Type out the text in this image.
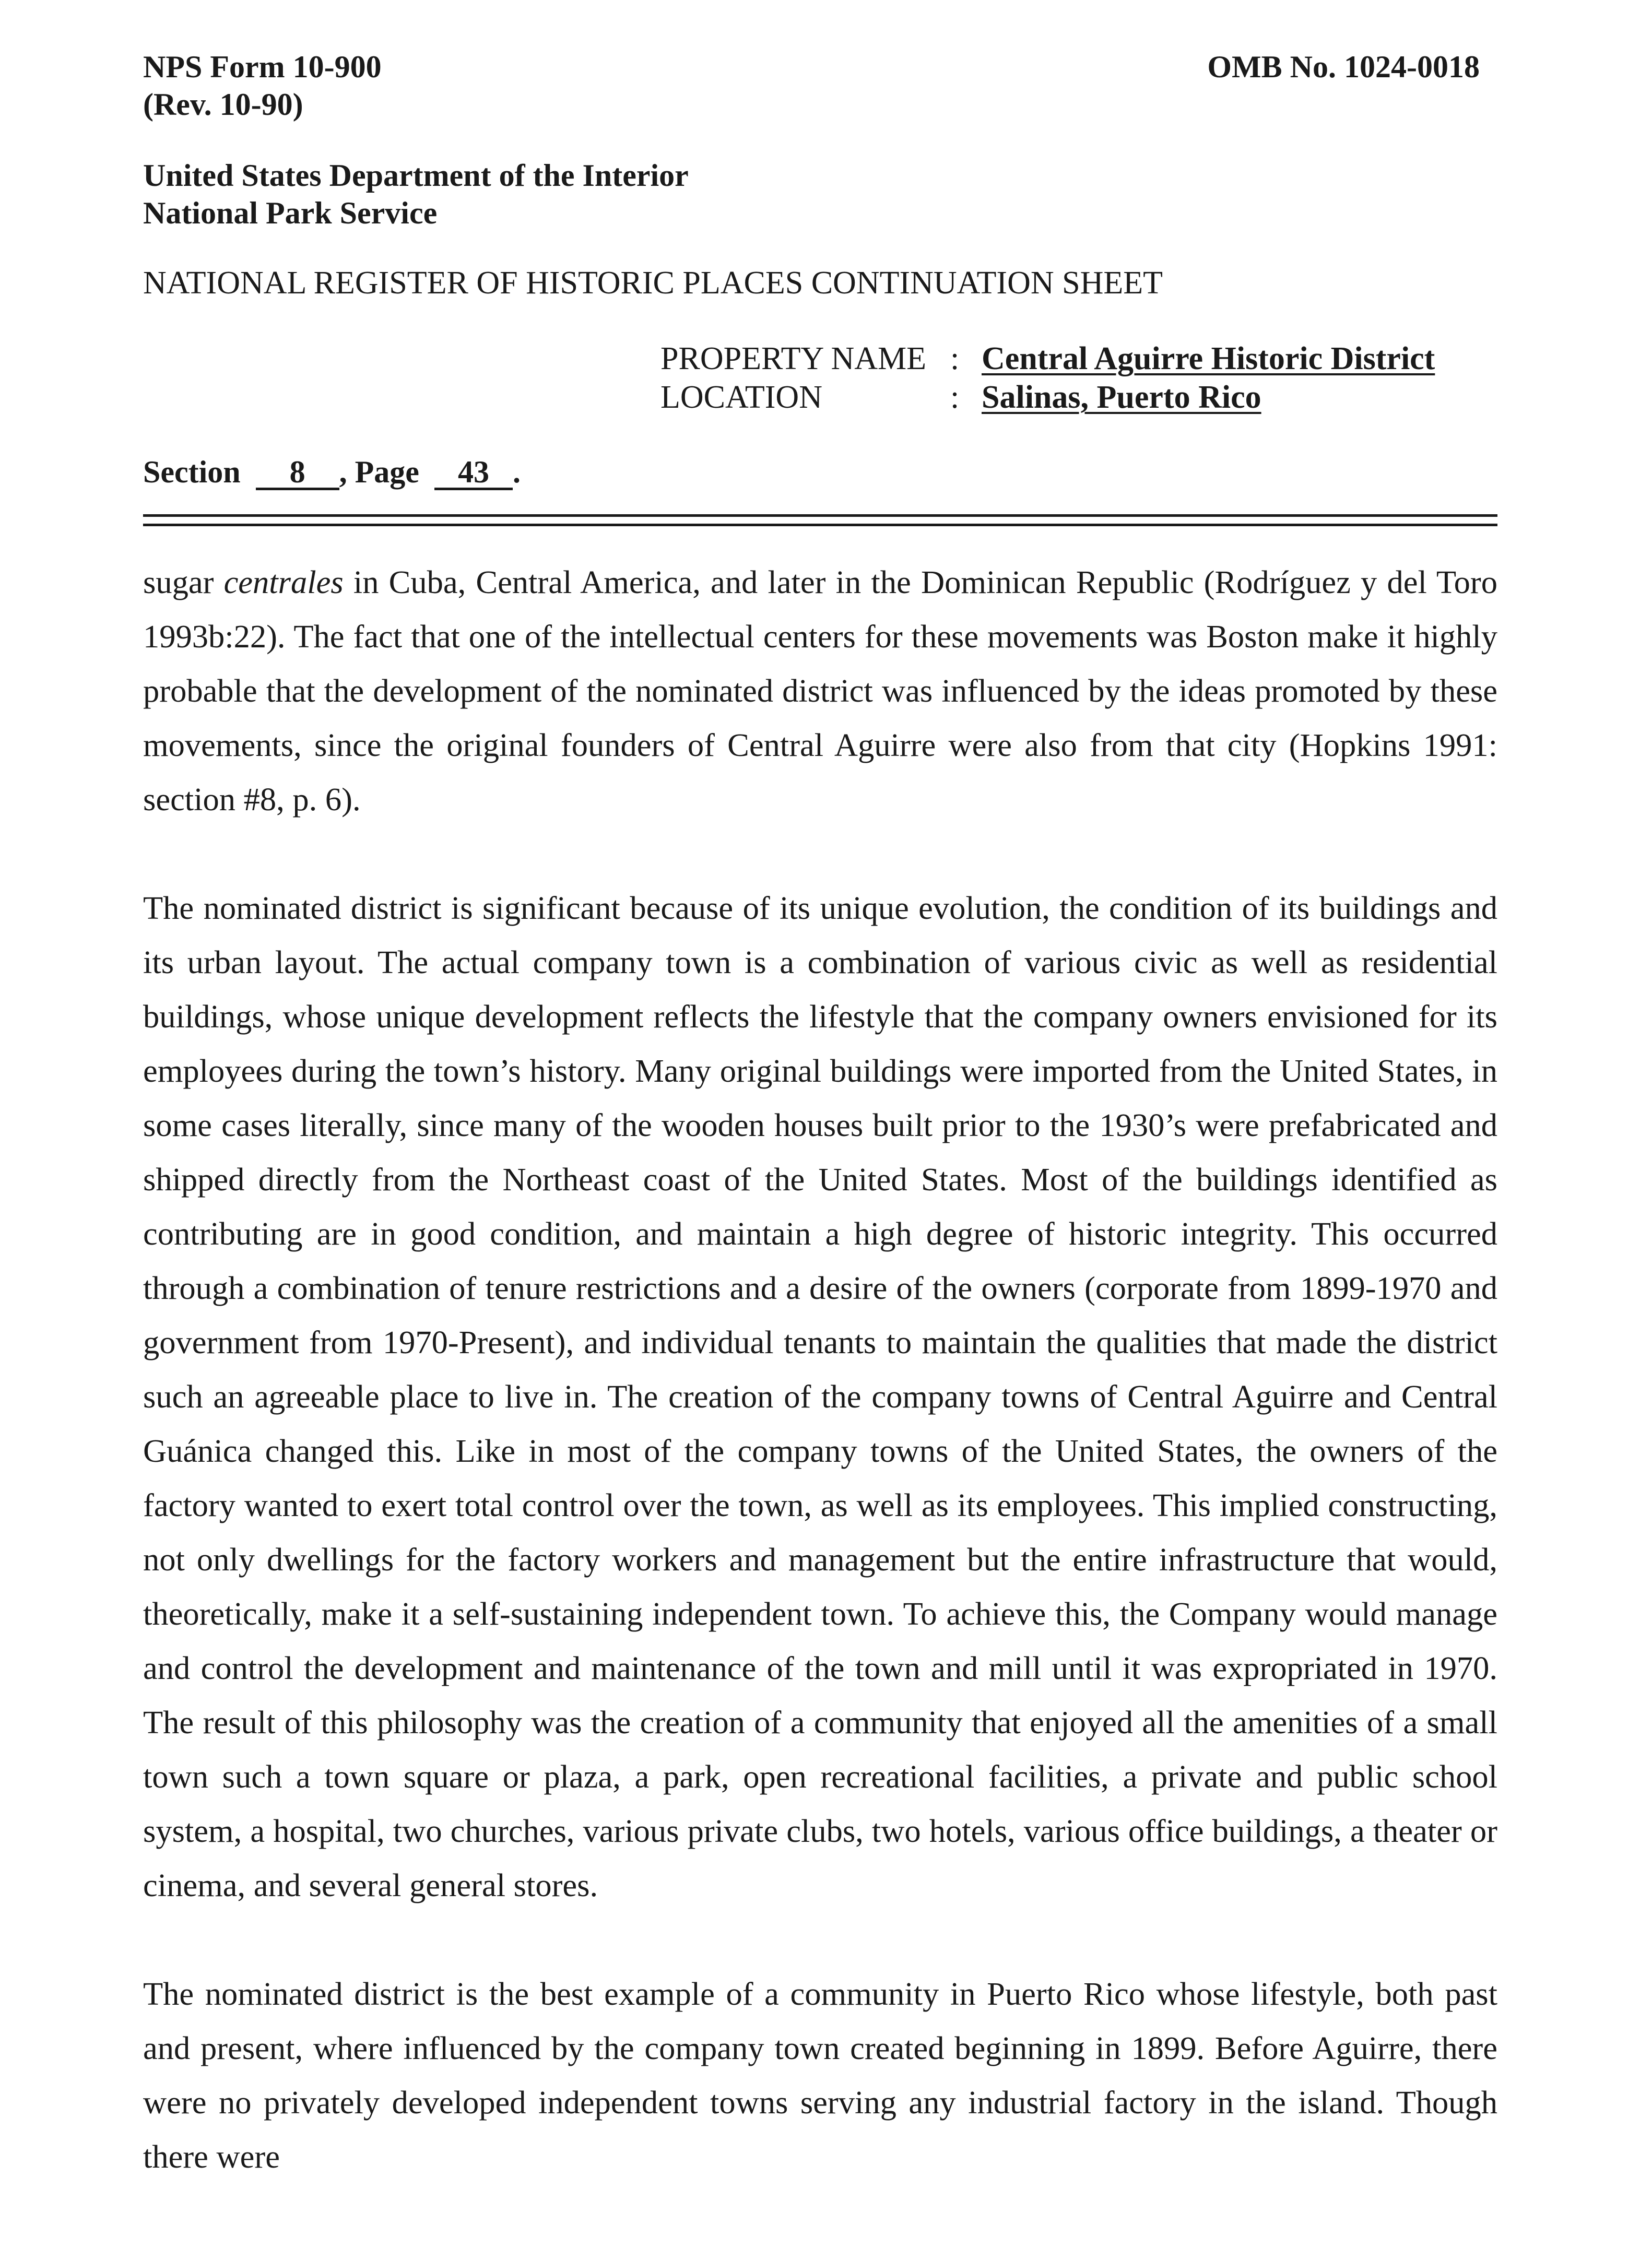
NPS Form 10-900

(Rev. 10-90)

OMB No. 1024-0018

United States Department of the Interior

National Park Service

NATIONAL REGISTER OF HISTORIC PLACES CONTINUATION SHEET

PROPERTY NAME : Central Aguirre Historic District
LOCATION	: Salinas, Puerto Rico
Section 8 , Page 43 .

sugar centrales in Cuba, Central America, and later in the Dominican Republic (Rodríguez y del Toro 1993b:22). The fact that one of the intellectual centers for these movements was Boston make it highly probable that the development of the nominated district was influenced by the ideas promoted by these movements, since the original founders of Central Aguirre were also from that city (Hopkins 1991: section #8, p. 6).

The nominated district is significant because of its unique evolution, the condition of its buildings and its urban layout. The actual company town is a combination of various civic as well as residential buildings, whose unique development reflects the lifestyle that the company owners envisioned for its employees during the town’s history. Many original buildings were imported from the United States, in some cases literally, since many of the wooden houses built prior to the 1930’s were prefabricated and shipped directly from the Northeast coast of the United States. Most of the buildings identified as contributing are in good condition, and maintain a high degree of historic integrity. This occurred through a combination of tenure restrictions and a desire of the owners (corporate from 1899-1970 and government from 1970-Present), and individual tenants to maintain the qualities that made the district such an agreeable place to live in. The creation of the company towns of Central Aguirre and Central Guánica changed this. Like in most of the company towns of the United States, the owners of the factory wanted to exert total control over the town, as well as its employees. This implied constructing, not only dwellings for the factory workers and management but the entire infrastructure that would, theoretically, make it a self-sustaining independent town. To achieve this, the Company would manage and control the development and maintenance of the town and mill until it was expropriated in 1970. The result of this philosophy was the creation of a community that enjoyed all the amenities of a small town such a town square or plaza, a park, open recreational facilities, a private and public school system, a hospital, two churches, various private clubs, two hotels, various office buildings, a theater or cinema, and several general stores.

The nominated district is the best example of a community in Puerto Rico whose lifestyle, both past and present, where influenced by the company town created beginning in 1899. Before Aguirre, there were no privately developed independent towns serving any industrial factory in the island. Though there were
